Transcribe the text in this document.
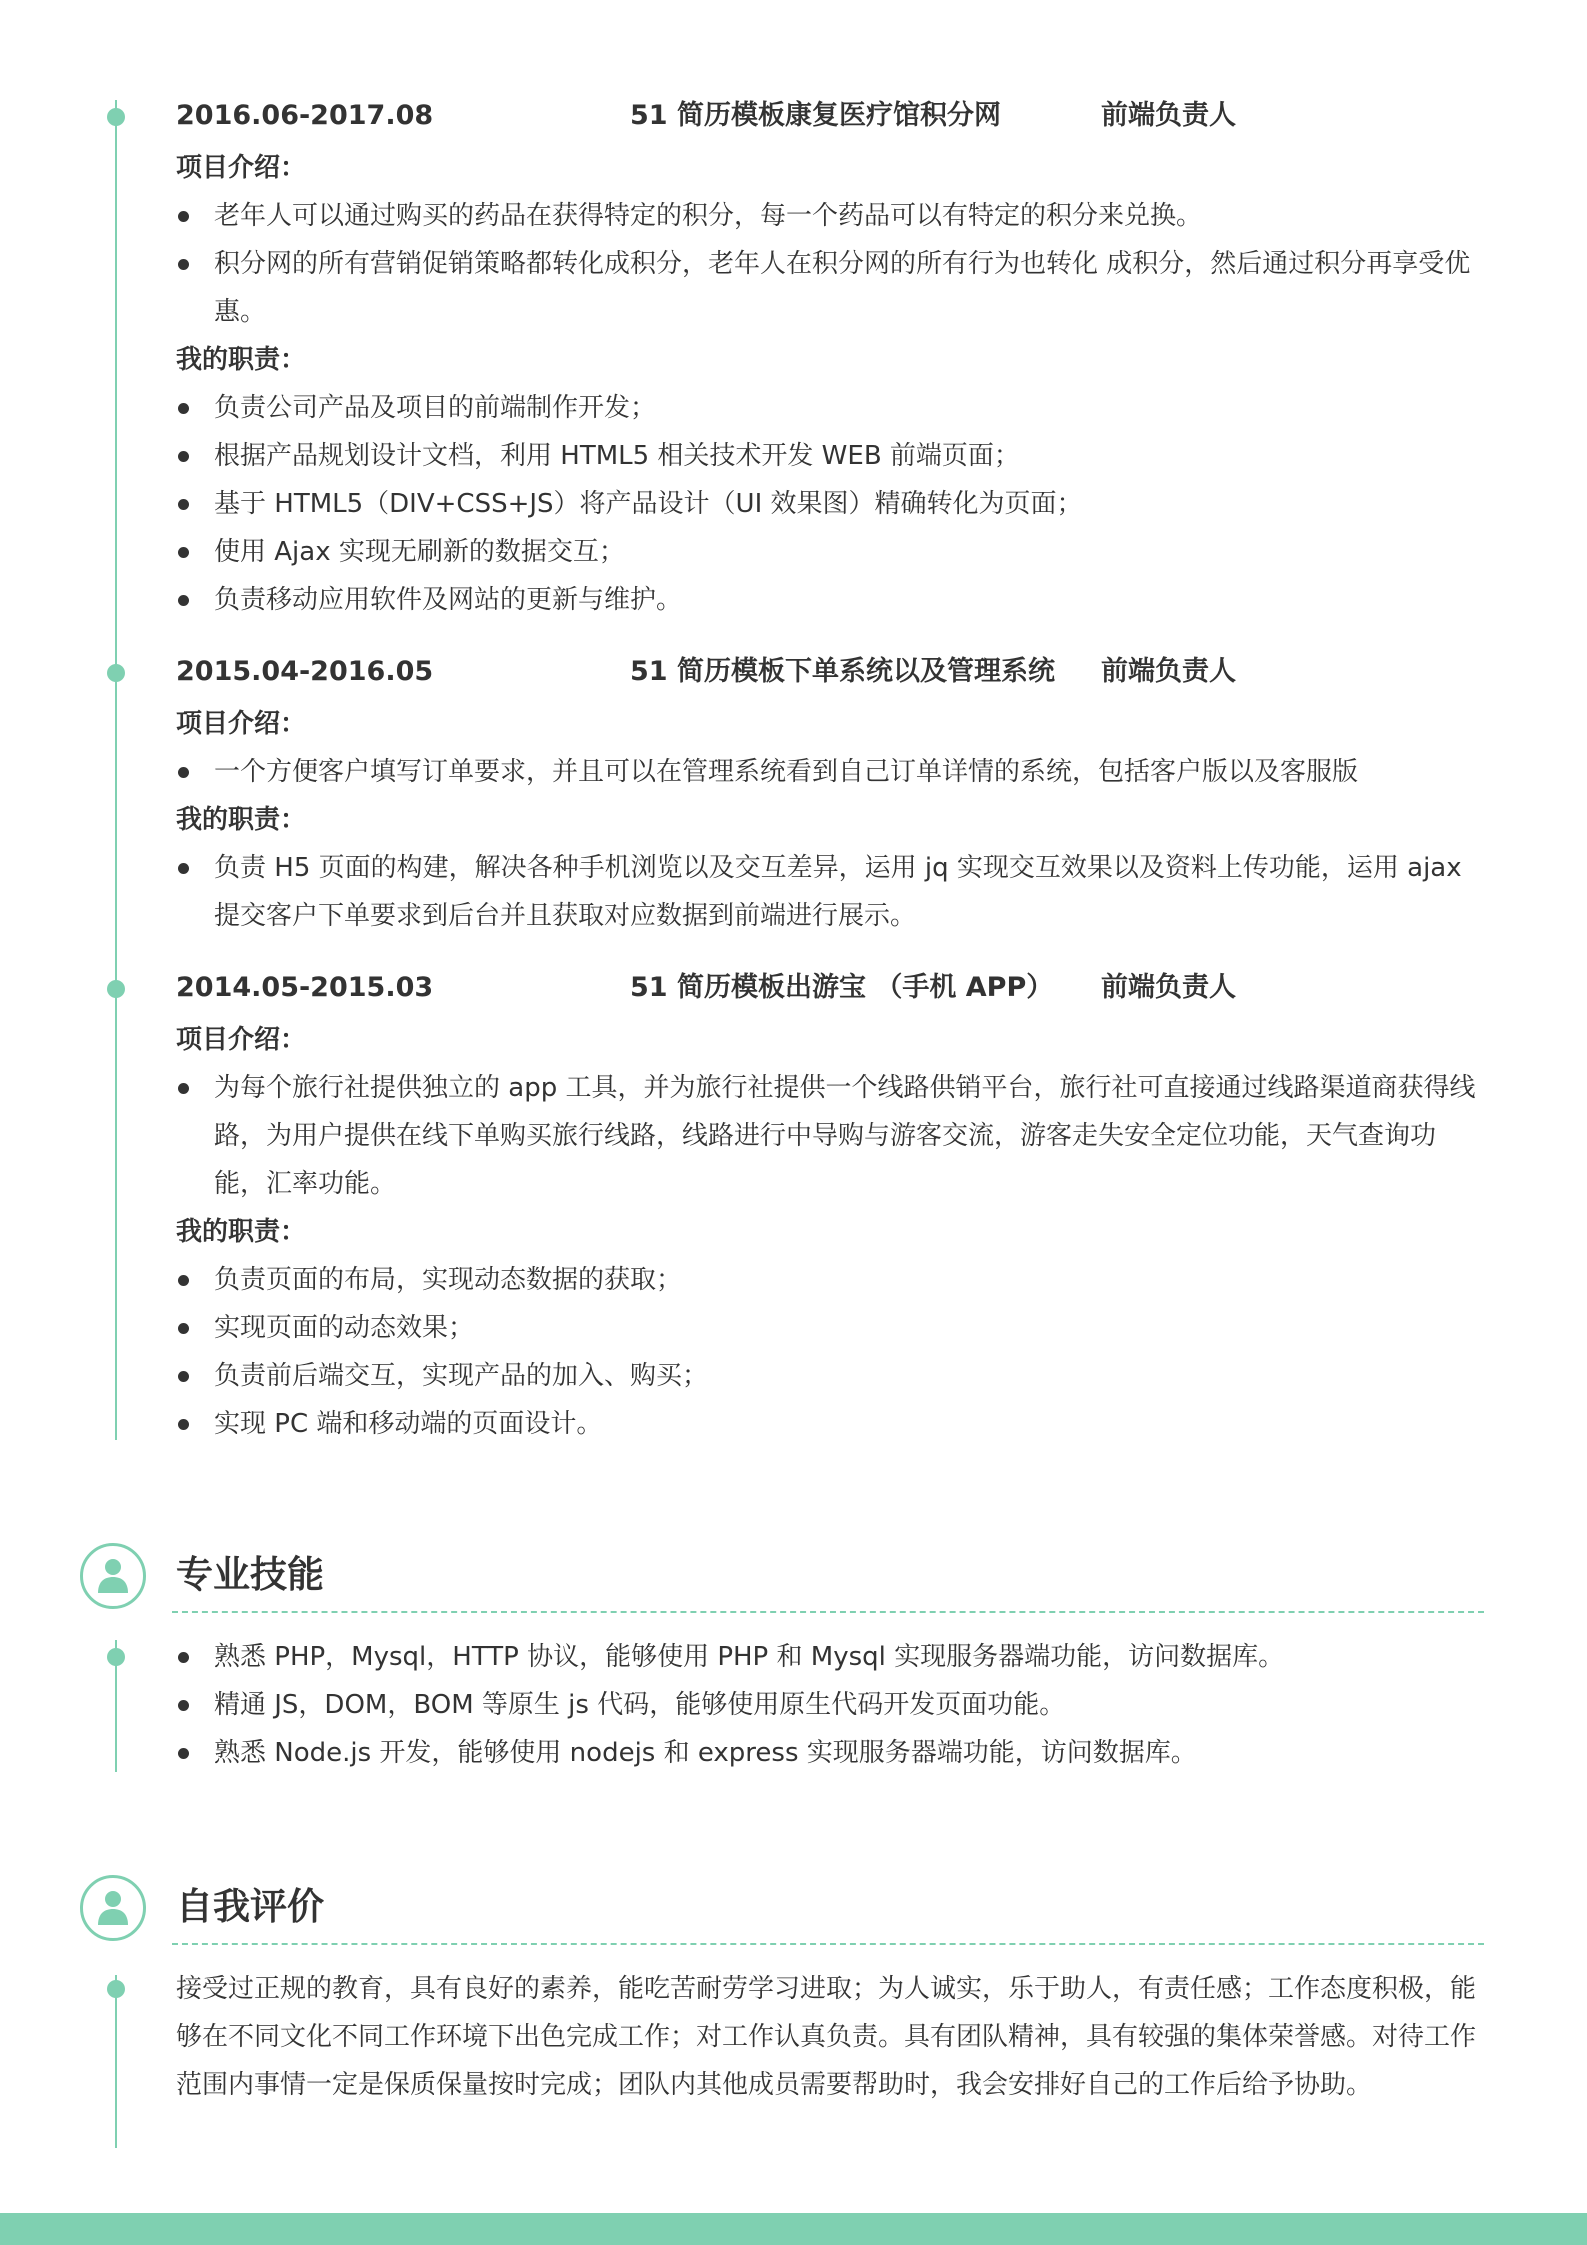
2016.06-2017.08	51 简历模板康复医疗馆积分网	前端负责人
项目介绍：
老年人可以通过购买的药品在获得特定的积分，每一个药品可以有特定的积分来兑换。
积分网的所有营销促销策略都转化成积分，老年人在积分网的所有行为也转化 成积分，然后通过积分再享受优惠。
我的职责：
负责公司产品及项目的前端制作开发；
根据产品规划设计文档，利用 HTML5 相关技术开发 WEB 前端页面；
基于 HTML5（DIV+CSS+JS）将产品设计（UI 效果图）精确转化为页面；
使用 Ajax 实现无刷新的数据交互；
负责移动应用软件及网站的更新与维护。
2015.04-2016.05	51 简历模板下单系统以及管理系统 前端负责人
项目介绍：
一个方便客户填写订单要求，并且可以在管理系统看到自己订单详情的系统，包括客户版以及客服版
我的职责：
负责 H5 页面的构建，解决各种手机浏览以及交互差异，运用 jq 实现交互效果以及资料上传功能，运用 ajax 提交客户下单要求到后台并且获取对应数据到前端进行展示。
2014.05-2015.03	51 简历模板出游宝 （手机 APP） 前端负责人
项目介绍：
为每个旅行社提供独立的 app 工具，并为旅行社提供一个线路供销平台，旅行社可直接通过线路渠道商获得线路，为用户提供在线下单购买旅行线路，线路进行中导购与游客交流，游客走失安全定位功能，天气查询功能，汇率功能。
我的职责：
负责页面的布局，实现动态数据的获取；
实现页面的动态效果；
负责前后端交互，实现产品的加入、购买；
实现 PC 端和移动端的页面设计。
专业技能
熟悉 PHP，Mysql，HTTP 协议，能够使用 PHP 和 Mysql 实现服务器端功能，访问数据库。
精通 JS，DOM，BOM 等原生 js 代码，能够使用原生代码开发页面功能。
熟悉 Node.js 开发，能够使用 nodejs 和 express 实现服务器端功能，访问数据库。
自我评价
接受过正规的教育，具有良好的素养，能吃苦耐劳学习进取；为人诚实，乐于助人，有责任感；工作态度积极，能够在不同文化不同工作环境下出色完成工作；对工作认真负责。具有团队精神，具有较强的集体荣誉感。对待工作范围内事情一定是保质保量按时完成；团队内其他成员需要帮助时，我会安排好自己的工作后给予协助。
